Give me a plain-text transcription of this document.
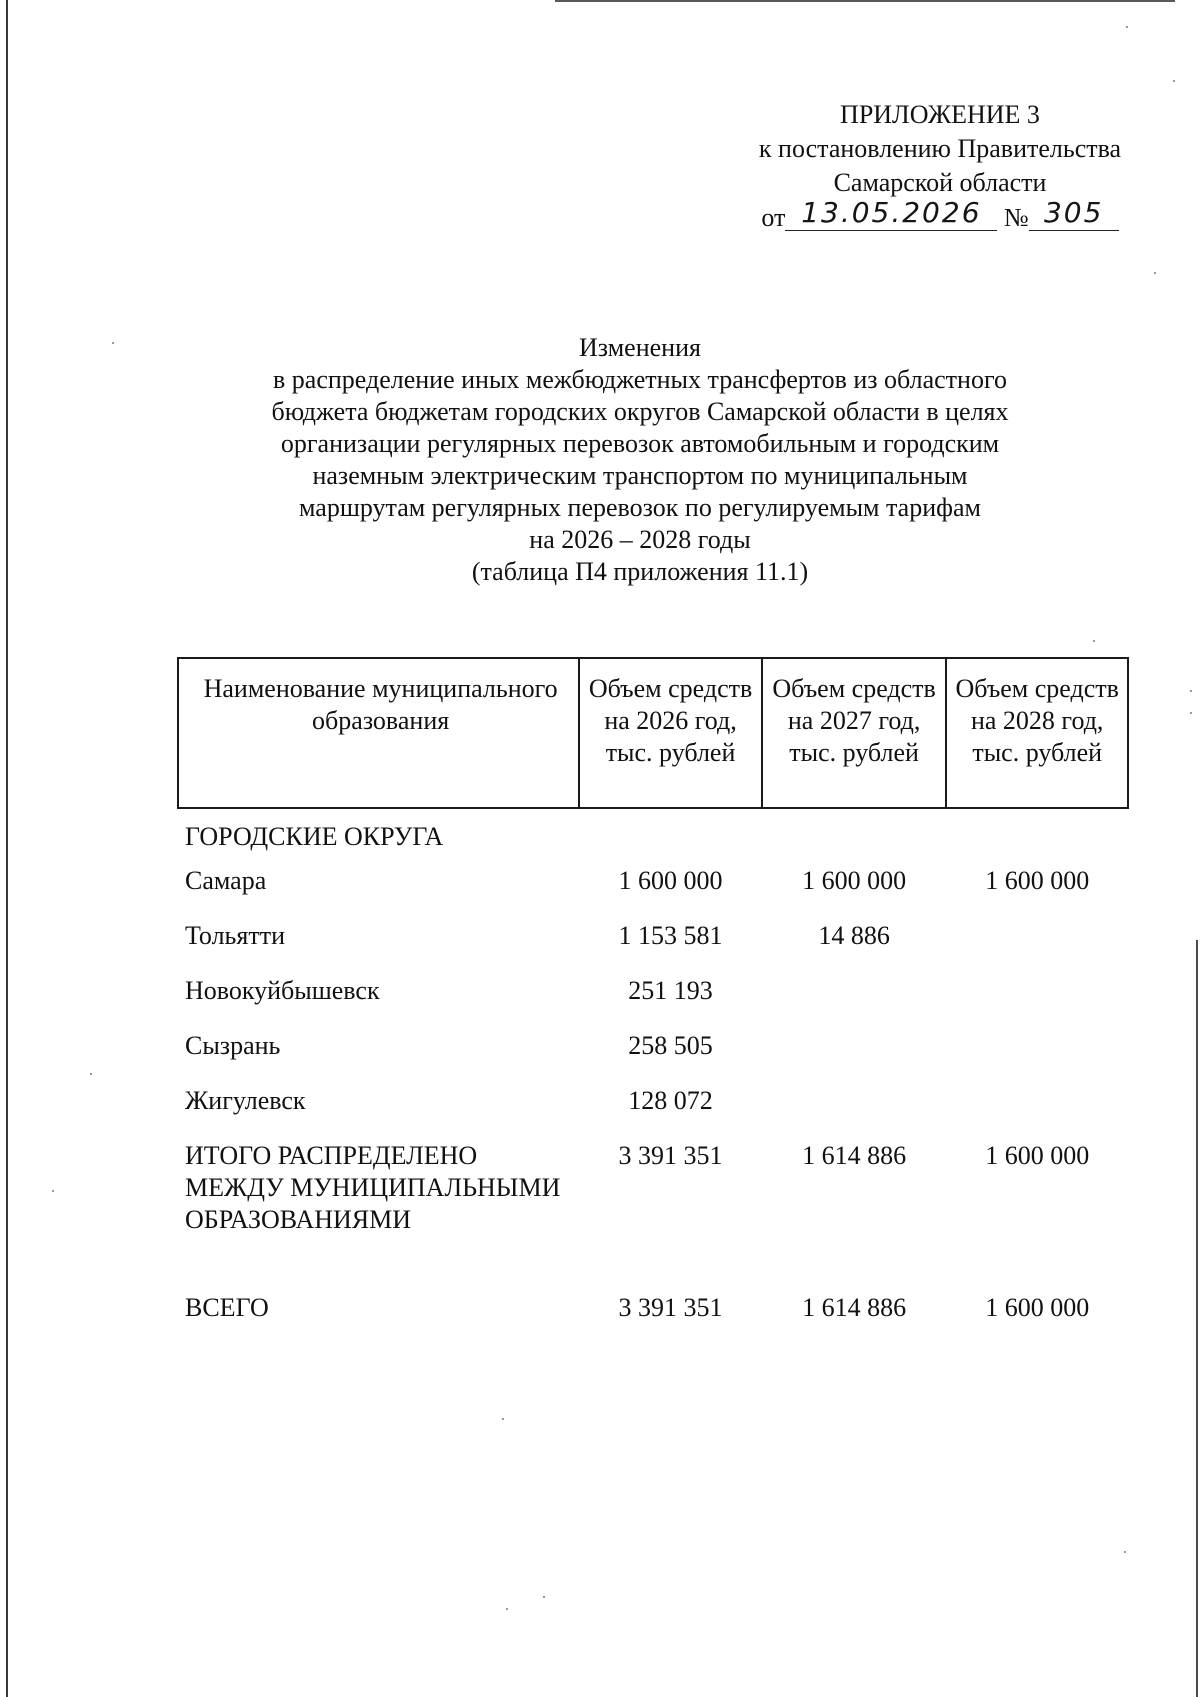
ПРИЛОЖЕНИЕ 3
к постановлению Правительства
Самарской области
от 13.05.2026 № 305
Изменения
в распределение иных межбюджетных трансфертов из областного
бюджета бюджетам городских округов Самарской области в целях
организации регулярных перевозок автомобильным и городским
наземным электрическим транспортом по муниципальным
маршрутам регулярных перевозок по регулируемым тарифам
на 2026 – 2028 годы
(таблица П4 приложения 11.1)
Наименование муниципального образования	Объем средств на 2026 год, тыс. рублей	Объем средств на 2027 год, тыс. рублей	Объем средств на 2028 год, тыс. рублей
ГОРОДСКИЕ ОКРУГА			
Самара	1 600 000	1 600 000	1 600 000
Тольятти	1 153 581	14 886	
Новокуйбышевск	251 193		
Сызрань	258 505		
Жигулевск	128 072		
ИТОГО РАСПРЕДЕЛЕНО МЕЖДУ МУНИЦИПАЛЬНЫМИ ОБРАЗОВАНИЯМИ	3 391 351	1 614 886	1 600 000
ВСЕГО	3 391 351	1 614 886	1 600 000
